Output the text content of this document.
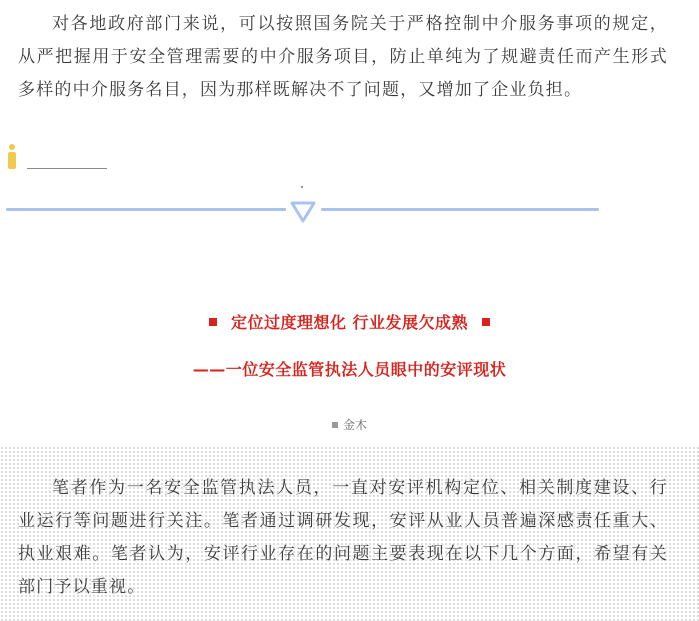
对各地政府部门来说，可以按照国务院关于严格控制中介服务事项的规定，从严把握用于安全管理需要的中介服务项目，防止单纯为了规避责任而产生形式多样的中介服务名目，因为那样既解决不了问题，又增加了企业负担。

定位过度理想化 行业发展欠成熟
——一位安全监管执法人员眼中的安评现状
金木

笔者作为一名安全监管执法人员，一直对安评机构定位、相关制度建设、行业运行等问题进行关注。笔者通过调研发现，安评从业人员普遍深感责任重大、执业艰难。笔者认为，安评行业存在的问题主要表现在以下几个方面，希望有关部门予以重视。
